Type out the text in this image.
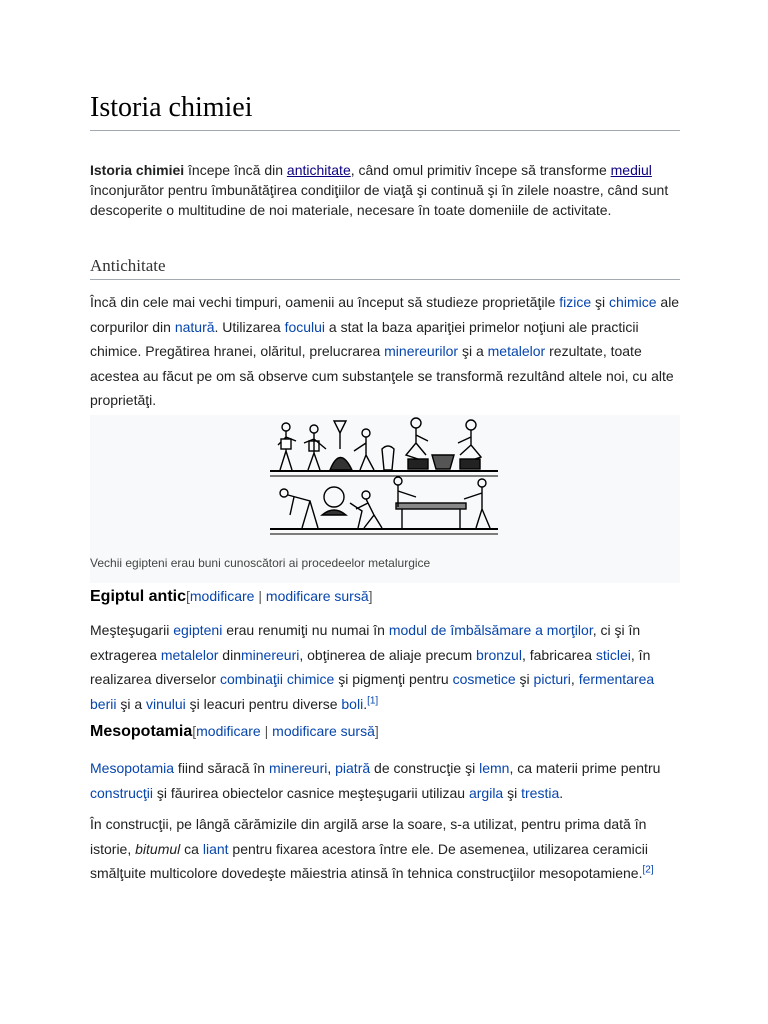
Istoria chimiei

Istoria chimiei începe încă din antichitate, când omul primitiv începe să transforme mediul înconjurător pentru îmbunătăţirea condiţiilor de viaţă şi continuă şi în zilele noastre, când sunt descoperite o multitudine de noi materiale, necesare în toate domeniile de activitate.

Antichitate

Încă din cele mai vechi timpuri, oamenii au început să studieze proprietăţile fizice şi chimice ale corpurilor din natură. Utilizarea focului a stat la baza apariţiei primelor noţiuni ale practicii chimice. Pregătirea hranei, olăritul, prelucrarea minereurilor şi a metalelor rezultate, toate acestea au făcut pe om să observe cum substanţele se transformă rezultând altele noi, cu alte proprietăţi.

Vechii egipteni erau buni cunoscători ai procedeelor metalurgice
Egiptul antic[modificare | modificare sursă]

Meşteşugarii egipteni erau renumiţi nu numai în modul de îmbălsămare a morţilor, ci şi în extragerea metalelor dinminereuri, obţinerea de aliaje precum bronzul, fabricarea sticlei, în realizarea diverselor combinaţii chimice şi pigmenţi pentru cosmetice şi picturi, fermentarea berii şi a vinului şi leacuri pentru diverse boli.[1]

Mesopotamia[modificare | modificare sursă]

Mesopotamia fiind săracă în minereuri, piatră de construcţie şi lemn, ca materii prime pentru construcţii şi făurirea obiectelor casnice meşteşugarii utilizau argila şi trestia.

În construcţii, pe lângă cărămizile din argilă arse la soare, s-a utilizat, pentru prima dată în istorie, bitumul ca liant pentru fixarea acestora între ele. De asemenea, utilizarea ceramicii smălţuite multicolore dovedeşte măiestria atinsă în tehnica construcţiilor mesopotamiene.[2]
